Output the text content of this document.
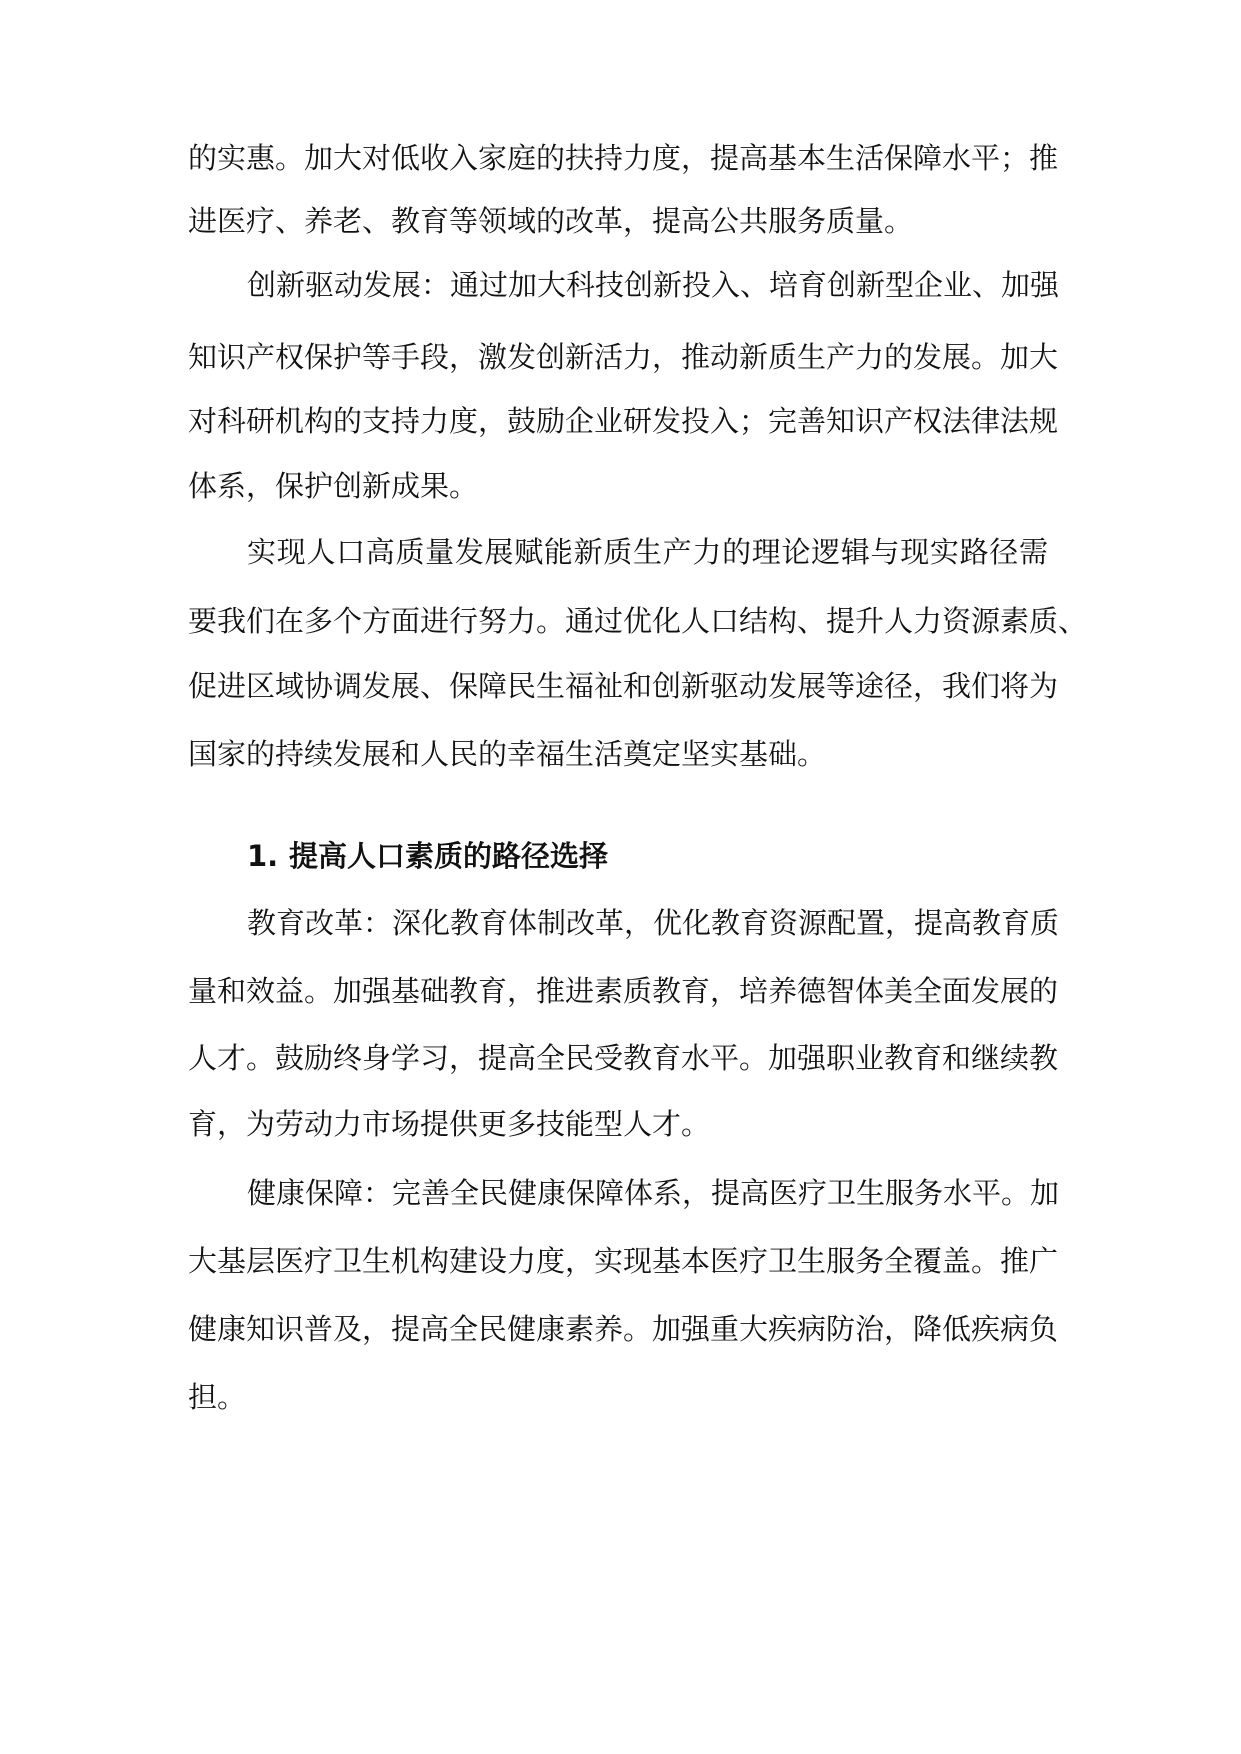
的实惠。加大对低收入家庭的扶持力度，提高基本生活保障水平；推
进医疗、养老、教育等领域的改革，提高公共服务质量。
创新驱动发展：通过加大科技创新投入、培育创新型企业、加强
知识产权保护等手段，激发创新活力，推动新质生产力的发展。加大
对科研机构的支持力度，鼓励企业研发投入；完善知识产权法律法规
体系，保护创新成果。
实现人口高质量发展赋能新质生产力的理论逻辑与现实路径需
要我们在多个方面进行努力。通过优化人口结构、提升人力资源素质、
促进区域协调发展、保障民生福祉和创新驱动发展等途径，我们将为
国家的持续发展和人民的幸福生活奠定坚实基础。
1. 提高人口素质的路径选择
教育改革：深化教育体制改革，优化教育资源配置，提高教育质
量和效益。加强基础教育，推进素质教育，培养德智体美全面发展的
人才。鼓励终身学习，提高全民受教育水平。加强职业教育和继续教
育，为劳动力市场提供更多技能型人才。
健康保障：完善全民健康保障体系，提高医疗卫生服务水平。加
大基层医疗卫生机构建设力度，实现基本医疗卫生服务全覆盖。推广
健康知识普及，提高全民健康素养。加强重大疾病防治，降低疾病负
担。
